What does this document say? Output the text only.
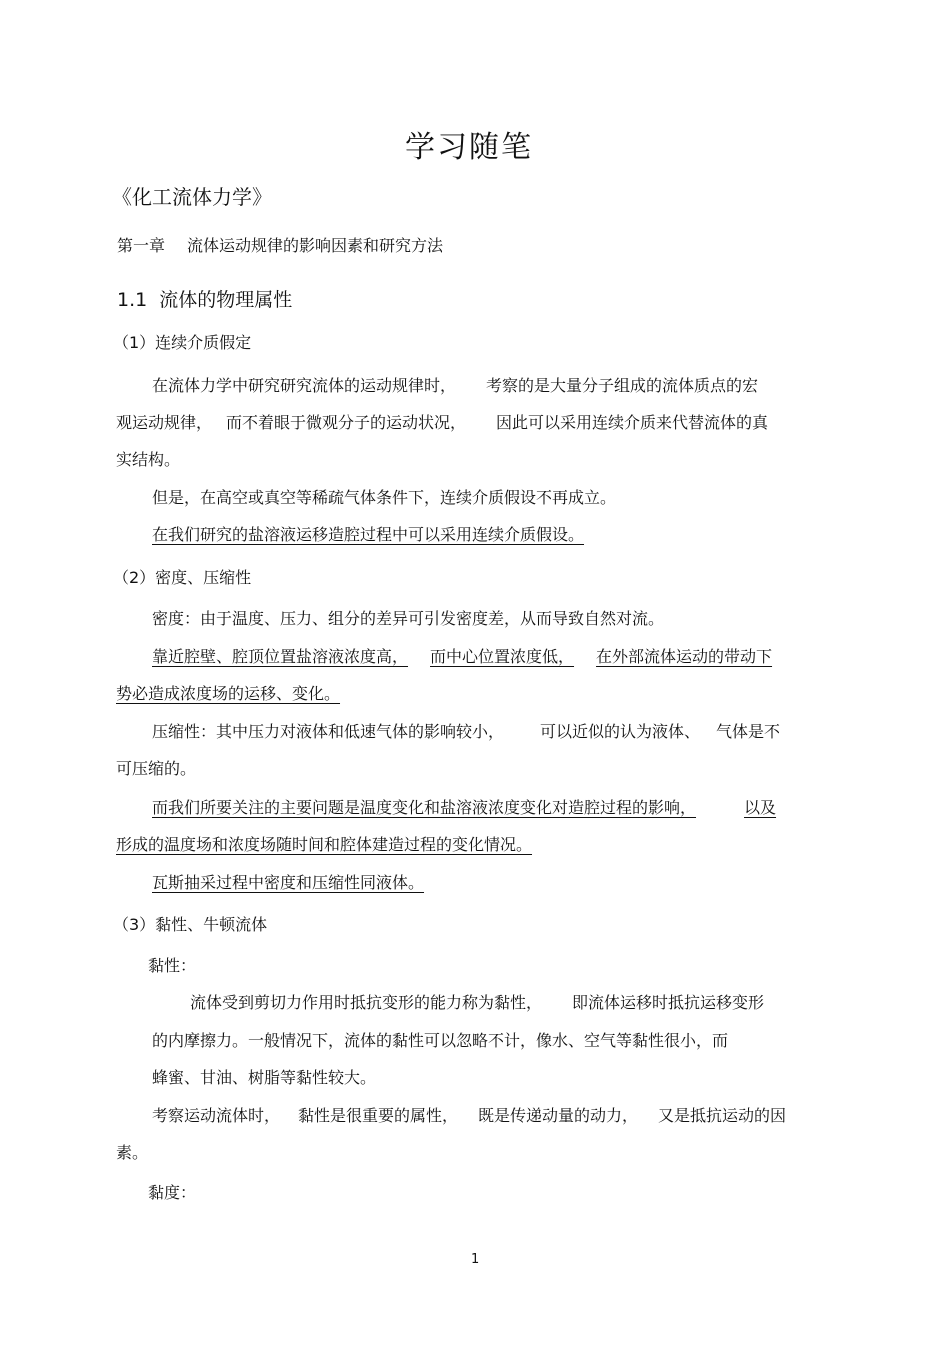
学习随笔
《化工流体力学》
第一章 流体运动规律的影响因素和研究方法
1.1 流体的物理属性
（1）连续介质假定
在流体力学中研究研究流体的运动规律时， 考察的是大量分子组成的流体质点的宏
观运动规律， 而不着眼于微观分子的运动状况， 因此可以采用连续介质来代替流体的真
实结构。
但是，在高空或真空等稀疏气体条件下，连续介质假设不再成立。
在我们研究的盐溶液运移造腔过程中可以采用连续介质假设。
（2）密度、压缩性
密度：由于温度、压力、组分的差异可引发密度差，从而导致自然对流。
靠近腔壁、腔顶位置盐溶液浓度高， 而中心位置浓度低， 在外部流体运动的带动下
势必造成浓度场的运移、变化。
压缩性：其中压力对液体和低速气体的影响较小， 可以近似的认为液体、 气体是不
可压缩的。
而我们所要关注的主要问题是温度变化和盐溶液浓度变化对造腔过程的影响，	以及
形成的温度场和浓度场随时间和腔体建造过程的变化情况。
瓦斯抽采过程中密度和压缩性同液体。
（3）黏性、牛顿流体
黏性：
流体受到剪切力作用时抵抗变形的能力称为黏性， 即流体运移时抵抗运移变形
的内摩擦力。一般情况下，流体的黏性可以忽略不计，像水、空气等黏性很小，而
蜂蜜、甘油、树脂等黏性较大。
考察运动流体时， 黏性是很重要的属性， 既是传递动量的动力， 又是抵抗运动的因
素。
黏度：
1
